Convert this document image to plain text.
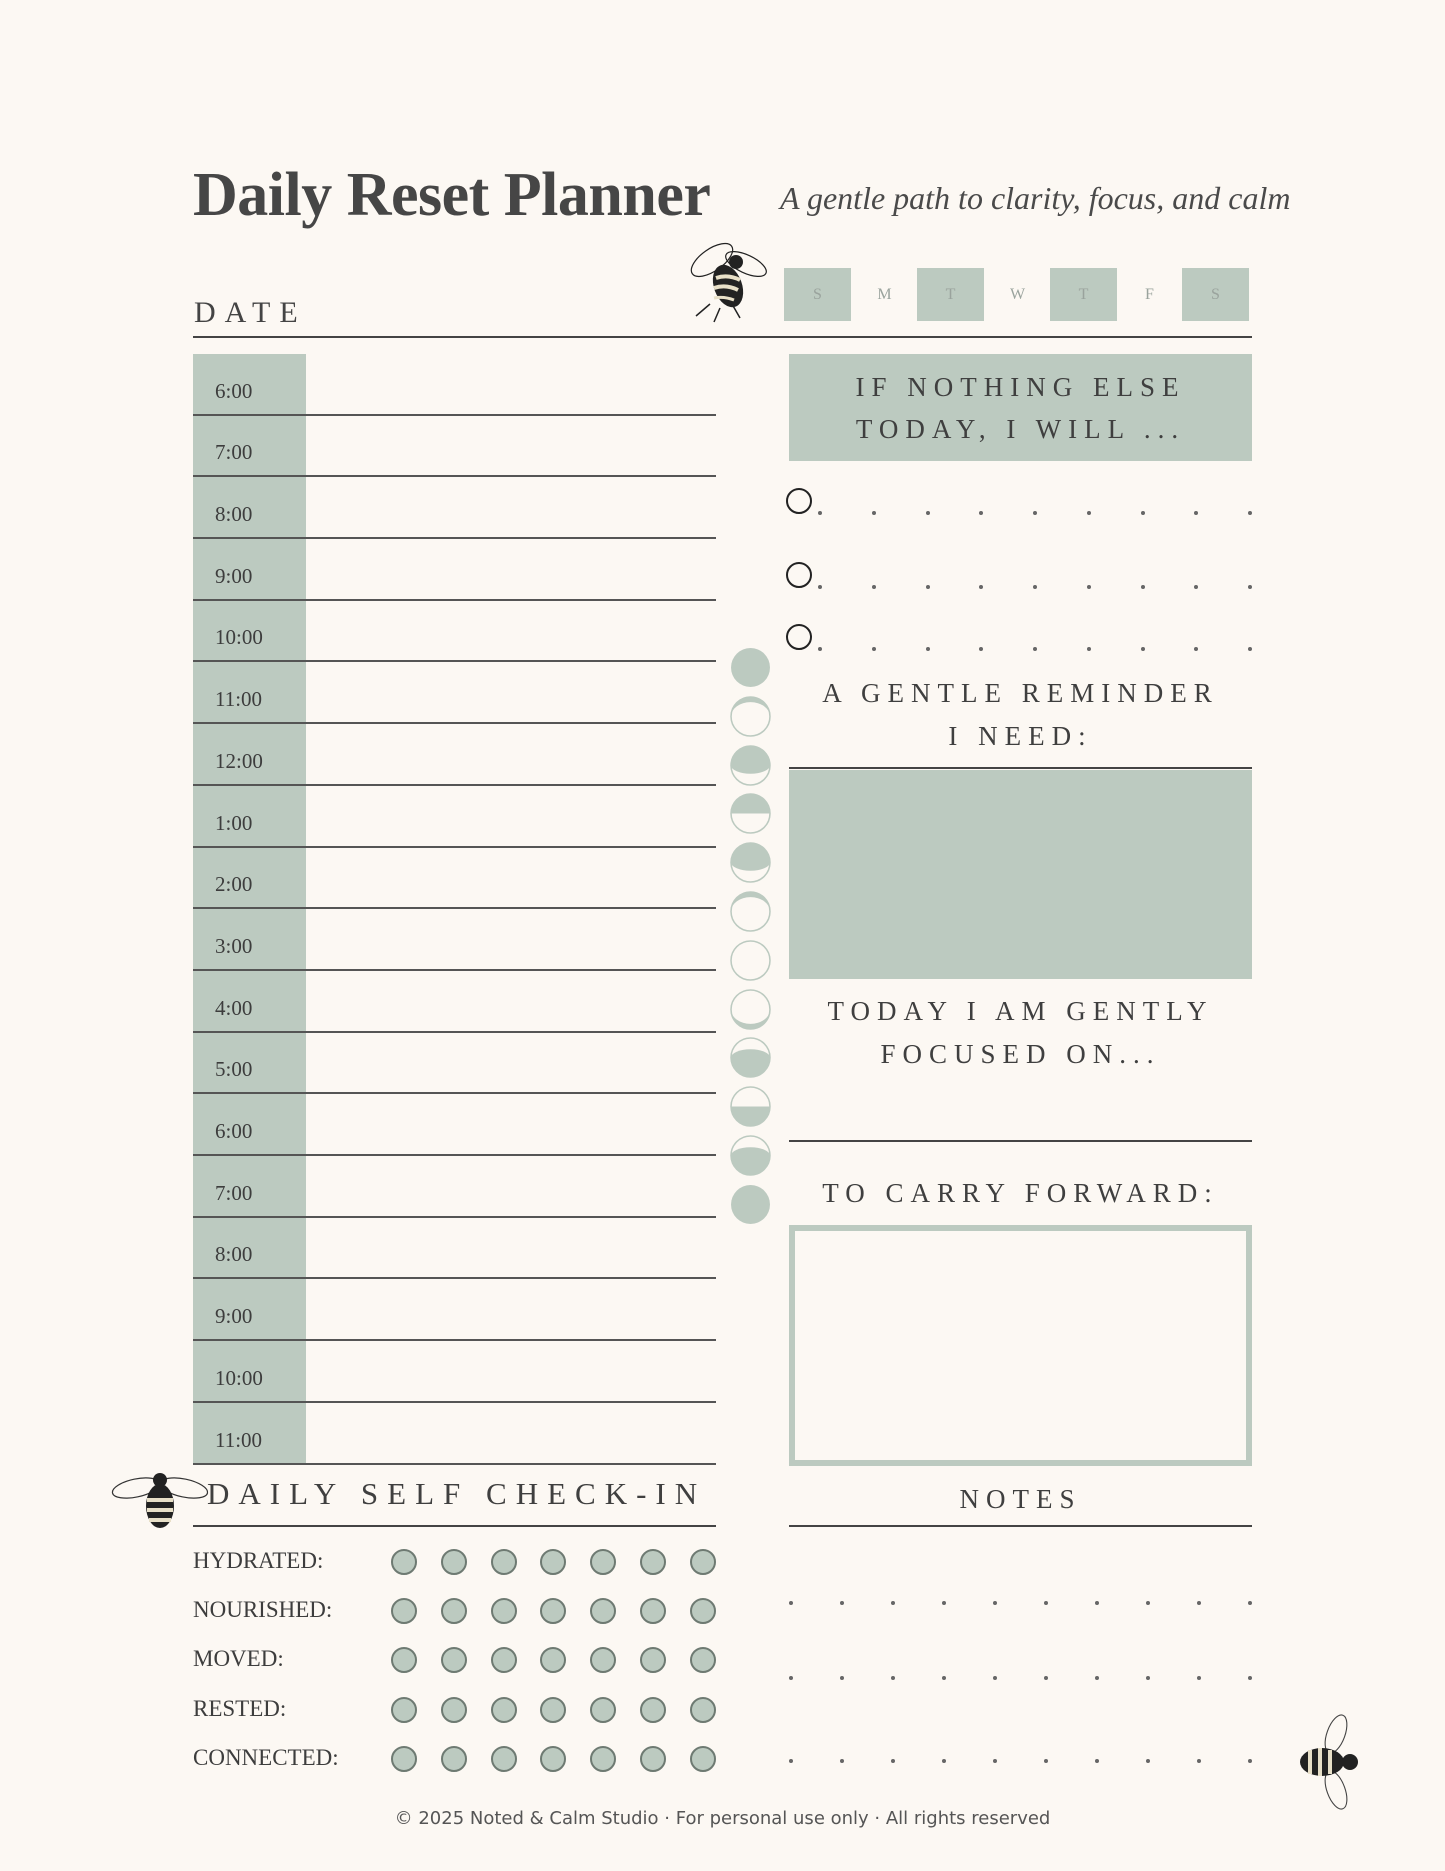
Daily Reset Planner A gentle path to clarity, focus, and calm
S	M	T	W	T	F	S
DATE
6:00
7:00
8:00
9:00
10:00
11:00
12:00
1:00
2:00
3:00
4:00
5:00
6:00
7:00
8:00
9:00
10:00
11:00
IF NOTHING ELSE
TODAY, I WILL ...
A GENTLE REMINDER
I NEED:
TODAY I AM GENTLY
FOCUSED ON...
TO CARRY FORWARD:
NOTES
DAILY SELF CHECK-IN
HYDRATED:
NOURISHED:
MOVED:
RESTED:
CONNECTED:
© 2025 Noted & Calm Studio · For personal use only · All rights reserved
